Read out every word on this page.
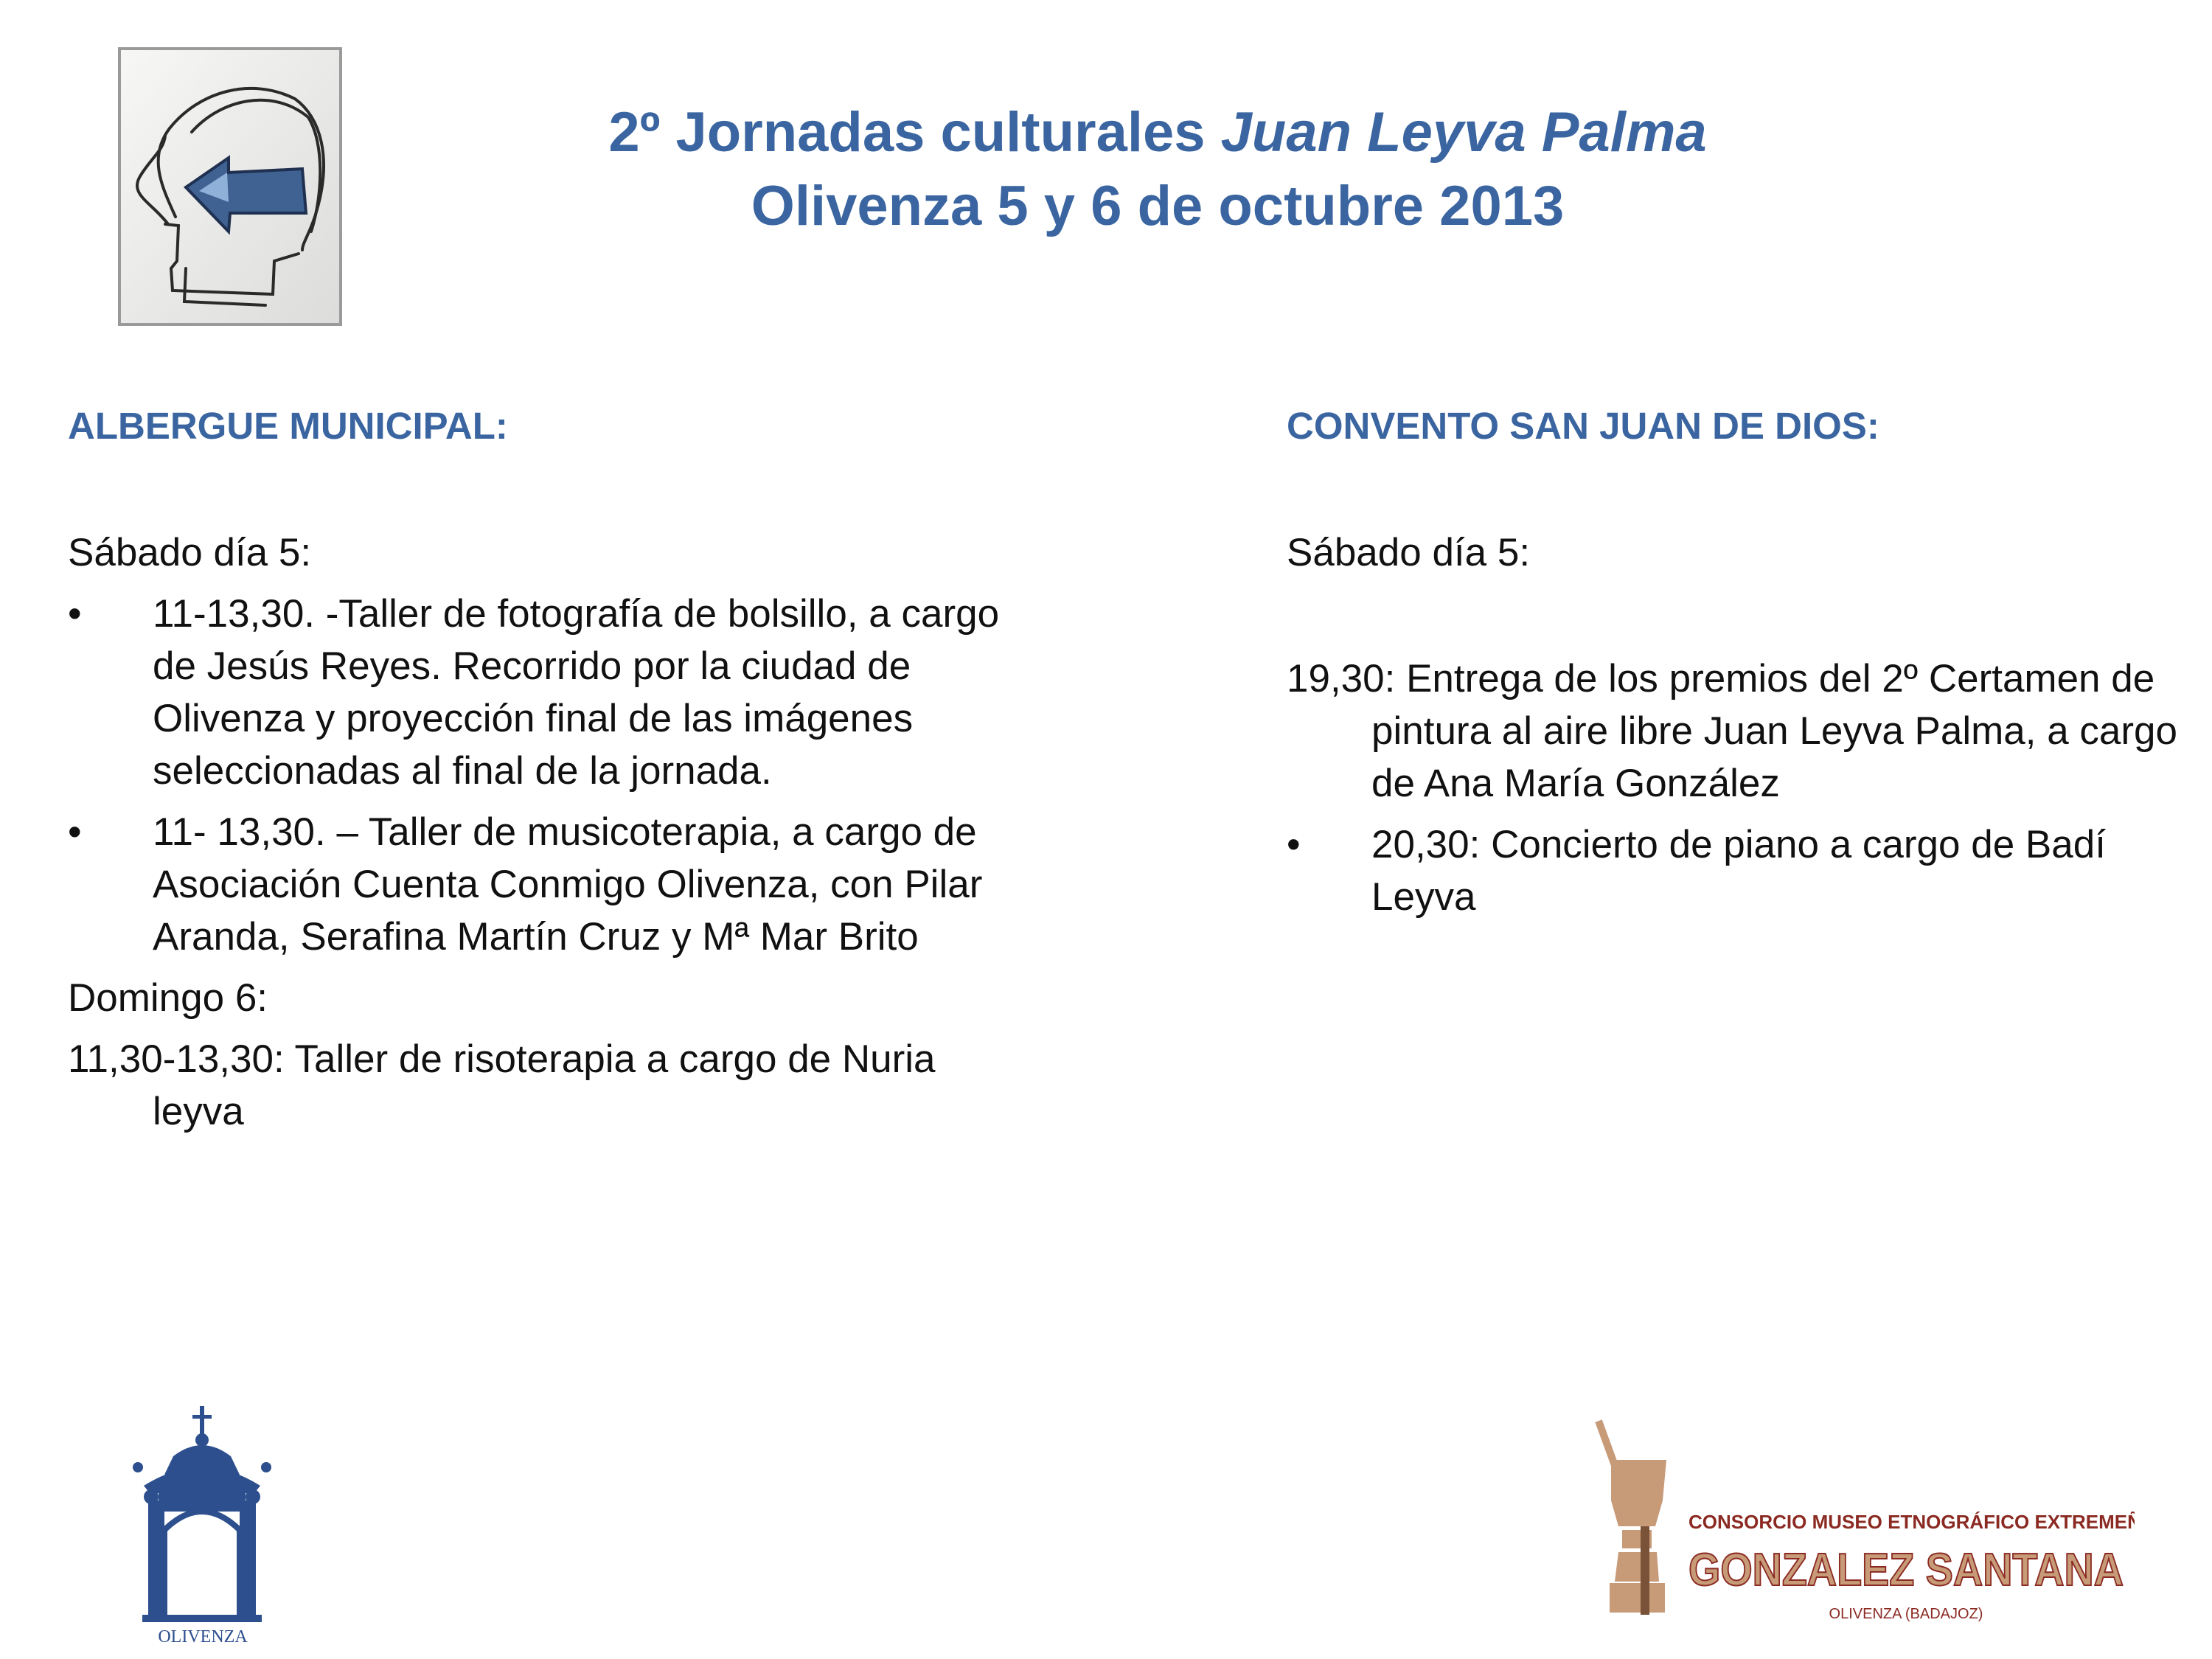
2º Jornadas culturales Juan Leyva Palma
Olivenza 5 y 6 de octubre 2013
ALBERGUE MUNICIPAL:
Sábado día 5:
• 11-13,30. -Taller de fotografía de bolsillo, a cargo de Jesús Reyes. Recorrido por la ciudad de Olivenza y proyección final de las imágenes seleccionadas al final de la jornada.
• 11- 13,30. – Taller de musicoterapia, a cargo de Asociación Cuenta Conmigo Olivenza, con Pilar Aranda, Serafina Martín Cruz y Mª Mar Brito
Domingo 6:
11,30-13,30: Taller de risoterapia a cargo de Nuria leyva
CONVENTO SAN JUAN DE DIOS:
Sábado día 5:
19,30: Entrega de los premios del 2º Certamen de pintura al aire libre Juan Leyva Palma, a cargo de Ana María González
• 20,30: Concierto de piano a cargo de Badí Leyva
OLIVENZA
CONSORCIO MUSEO ETNOGRÁFICO EXTREMEÑO
GONZALEZ SANTANA
OLIVENZA (BADAJOZ)
